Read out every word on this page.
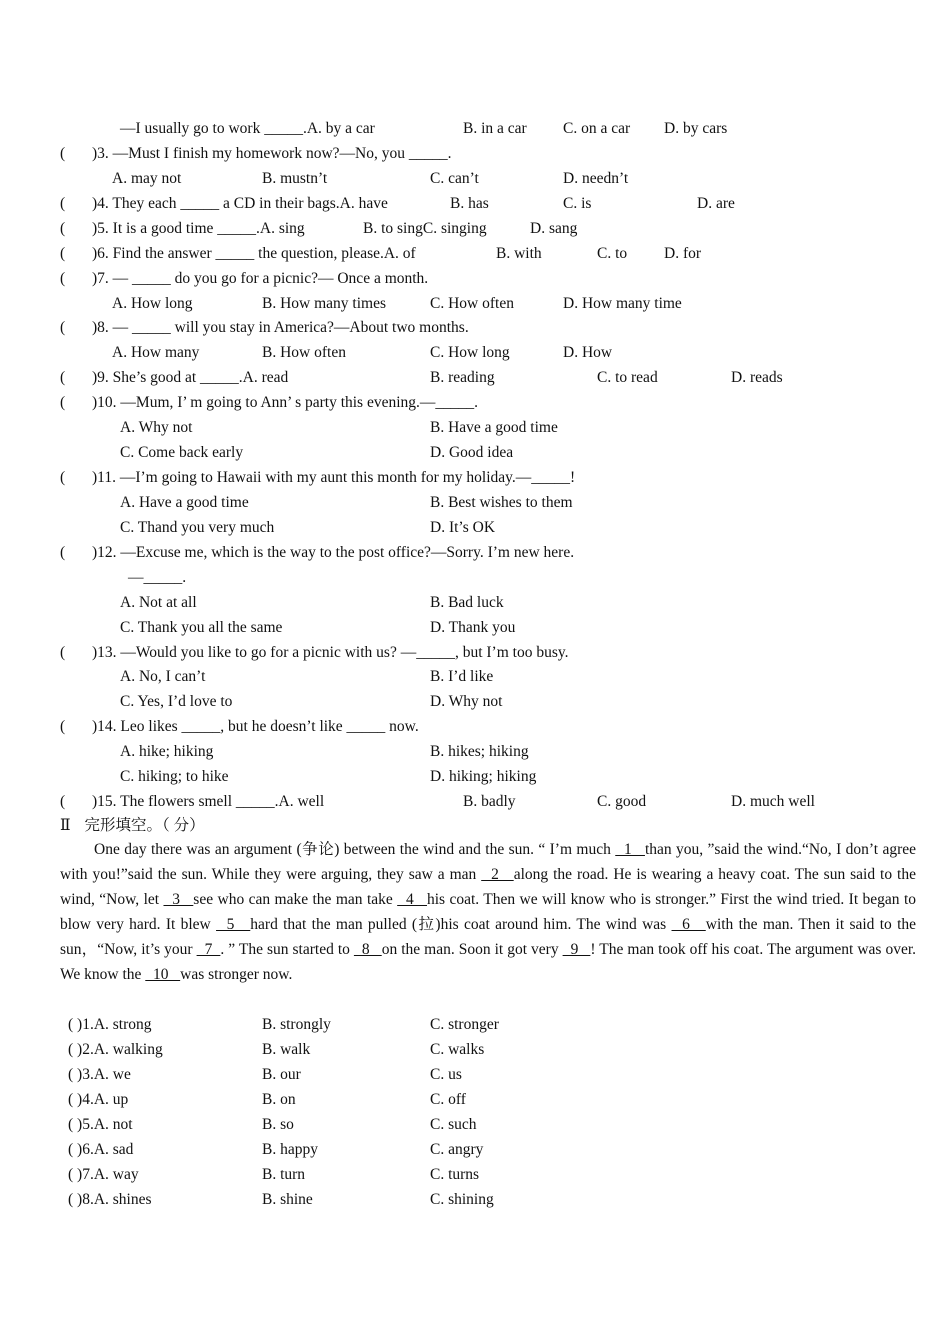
—I usually go to work _____.A. by a car	B. in a car C. on a car D. by cars
( )3. —Must I finish my homework now?—No, you _____.
A. may not	B. mustn’t	C. can’t	D. needn’t
( )4. They each _____ a CD in their bags.A. have	B. has	C. is	D. are
( )5. It is a good time _____.A. sing	B. to singC. singing	D. sang
( )6. Find the answer _____ the question, please.A. of	B. with	C. to D. for
( )7. — _____ do you go for a picnic?— Once a month.
A. How long	B. How many times	C. How often	D. How many time
( )8. — _____ will you stay in America?—About two months.
A. How many	B. How often	C. How long	D. How
( )9. She’s good at _____.A. read	B. reading	C. to read	D. reads
( )10. —Mum, I’ m going to Ann’ s party this evening.—_____.
A. Why not	B. Have a good time
C. Come back early	D. Good idea
( )11. —I’m going to Hawaii with my aunt this month for my holiday.—_____!
A. Have a good time	B. Best wishes to them
C. Thand you very much	D. It’s OK
( )12. —Excuse me, which is the way to the post office?—Sorry. I’m new here.
—_____.
A. Not at all	B. Bad luck
C. Thank you all the same	D. Thank you
( )13. —Would you like to go for a picnic with us? —_____, but I’m too busy.
A. No, I can’t	B. I’d like
C. Yes, I’d love to	D. Why not
( )14. Leo likes _____, but he doesn’t like _____ now.
A. hike; hiking	B. hikes; hiking
C. hiking; to hike	D. hiking; hiking
( )15. The flowers smell _____.A. well	B. badly	C. good	D. much well
Ⅱ 完形填空。（ 分）
One day there was an argument (争论) between the wind and the sun. “ I’m much   1   than you, ”said the wind.“No, I don’t agree with you!”said the sun. While they were arguing, they saw a man   2   along the road. He is wearing a heavy coat. The sun said to the wind, “Now, let   3   see who can make the man take   4   his coat. Then we will know who is stronger.” First the wind tried. It began to blow very hard. It blew   5   hard that the man pulled (拉)his coat around him. The wind was   6   with the man. Then it said to the sun，“Now, it’s your   7  . ” The sun started to   8   on the man. Soon it got very   9   ! The man took off his coat. The argument was over. We know the   10   was stronger now.
( )1.A. strong	B. strongly	C. stronger
( )2.A. walking	B. walk	C. walks
( )3.A. we	B. our	C. us
( )4.A. up	B. on	C. off
( )5.A. not	B. so	C. such
( )6.A. sad	B. happy	C. angry
( )7.A. way	B. turn	C. turns
( )8.A. shines	B. shine	C. shining
